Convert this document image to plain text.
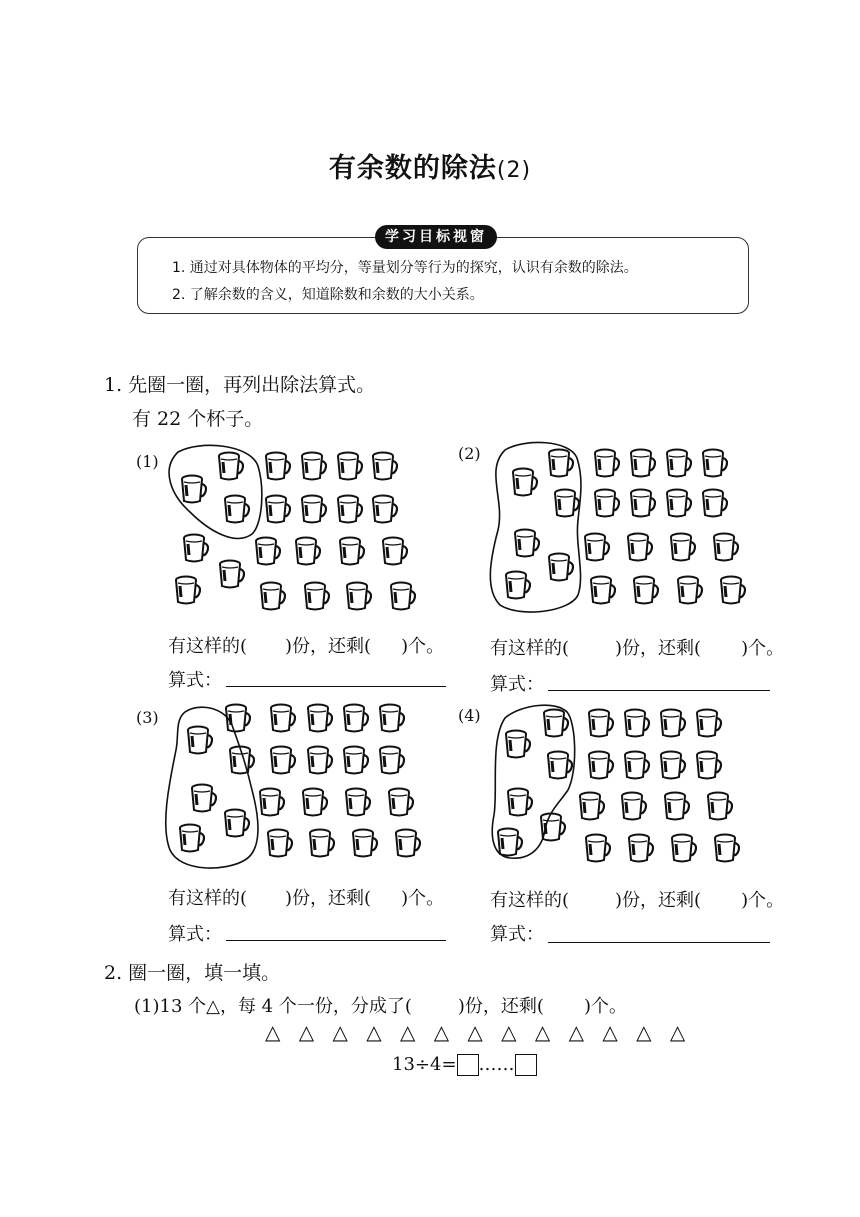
有余数的除法(2)
学习目标视窗
1. 通过对具体物体的平均分，等量划分等行为的探究，认识有余数的除法。
2. 了解余数的含义，知道除数和余数的大小关系。
1. 先圈一圈，再列出除法算式。
有 22 个杯子。
(1)	(2)
(3)	(4)
有这样的( )份，还剩( )个。	有这样的(	)份，还剩( )个。
有这样的( )份，还剩( )个。	有这样的(	)份，还剩( )个。
算式：	算式：
算式：	算式：
2. 圈一圈，填一填。
(1)13 个△，每 4 个一份，分成了(	)份，还剩( )个。
△ △ △ △ △ △ △ △ △ △ △ △ △
13÷4= ……
